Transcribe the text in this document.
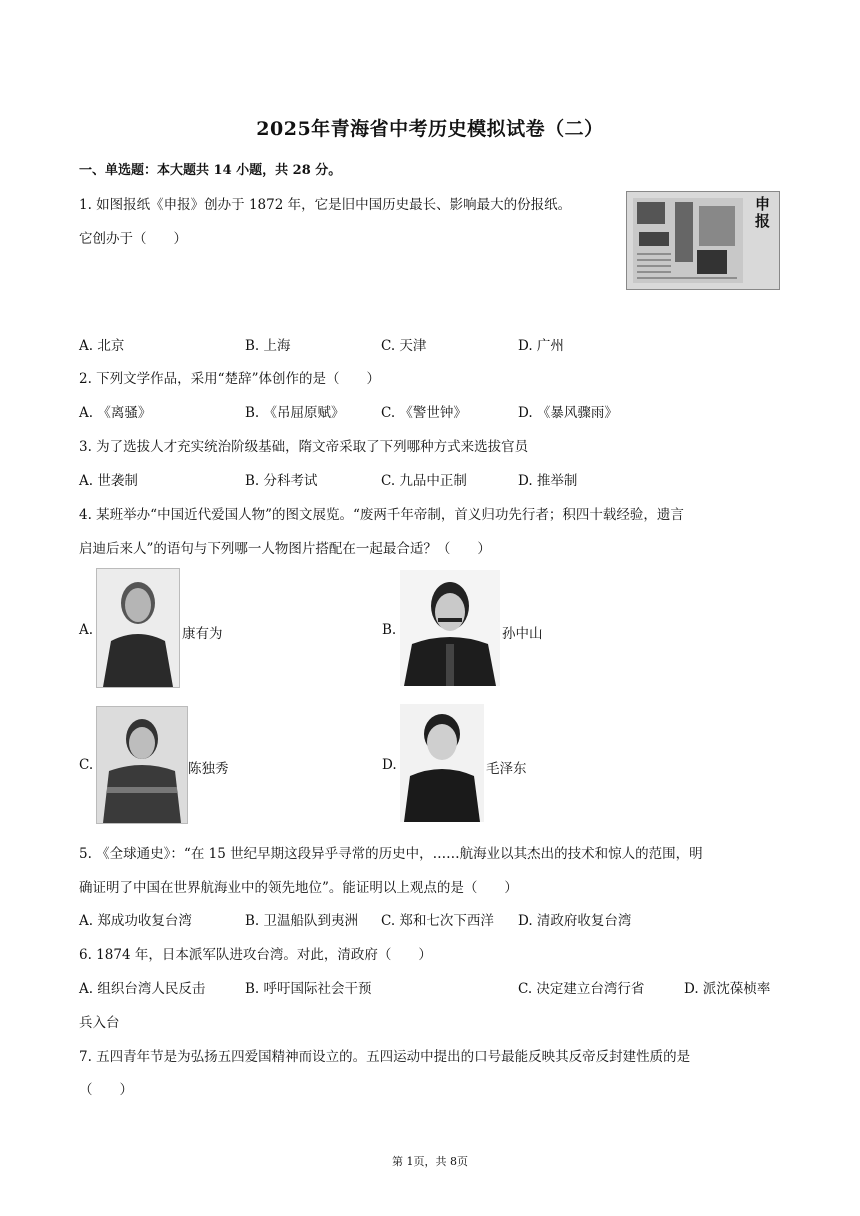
2025年青海省中考历史模拟试卷（二）
一、单选题：本大题共 14 小题，共 28 分。
1. 如图报纸《申报》创办于 1872 年，它是旧中国历史最长、影响最大的份报纸。
它创办于（　　）
申报
A. 北京	B. 上海	C. 天津	D. 广州
2. 下列文学作品，采用“楚辞”体创作的是（　　）
A. 《离骚》	B. 《吊屈原赋》	C. 《警世钟》	D. 《暴风骤雨》
3. 为了选拔人才充实统治阶级基础，隋文帝采取了下列哪种方式来选拔官员
A. 世袭制	B. 分科考试	C. 九品中正制	D. 推举制
4. 某班举办“中国近代爱国人物”的图文展览。“废两千年帝制，首义归功先行者；积四十载经验，遗言
启迪后来人”的语句与下列哪一人物图片搭配在一起最合适？（　　）
A.	康有为	B.	孙中山
C.	陈独秀	D.	毛泽东
5. 《全球通史》：“在 15 世纪早期这段异乎寻常的历史中，……航海业以其杰出的技术和惊人的范围，明
确证明了中国在世界航海业中的领先地位”。能证明以上观点的是（　　）
A. 郑成功收复台湾	B. 卫温船队到夷洲 C. 郑和七次下西洋 D. 清政府收复台湾
6. 1874 年，日本派军队进攻台湾。对此，清政府（　　）
A. 组织台湾人民反击	B. 呼吁国际社会干预	C. 决定建立台湾行省	D. 派沈葆桢率
兵入台
7. 五四青年节是为弘扬五四爱国精神而设立的。五四运动中提出的口号最能反映其反帝反封建性质的是
（　　）
第 1页，共 8页
